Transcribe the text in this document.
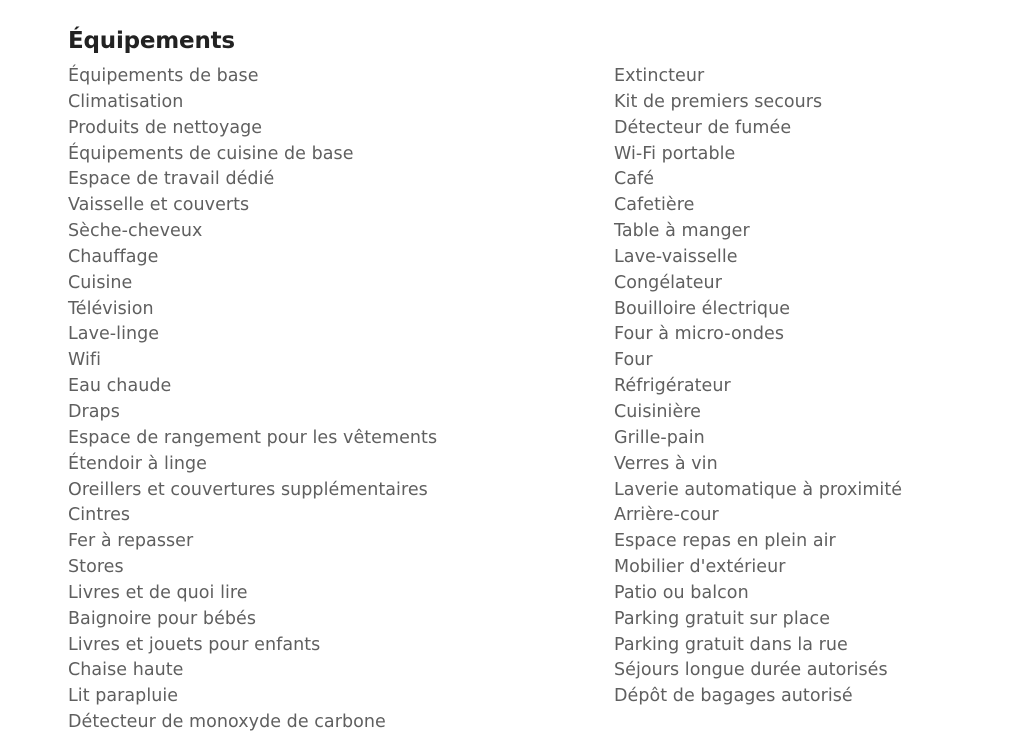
Équipements
Équipements de base
Climatisation
Produits de nettoyage
Équipements de cuisine de base
Espace de travail dédié
Vaisselle et couverts
Sèche-cheveux
Chauffage
Cuisine
Télévision
Lave-linge
Wifi
Eau chaude
Draps
Espace de rangement pour les vêtements
Étendoir à linge
Oreillers et couvertures supplémentaires
Cintres
Fer à repasser
Stores
Livres et de quoi lire
Baignoire pour bébés
Livres et jouets pour enfants
Chaise haute
Lit parapluie
Détecteur de monoxyde de carbone
Extincteur
Kit de premiers secours
Détecteur de fumée
Wi-Fi portable
Café
Cafetière
Table à manger
Lave-vaisselle
Congélateur
Bouilloire électrique
Four à micro-ondes
Four
Réfrigérateur
Cuisinière
Grille-pain
Verres à vin
Laverie automatique à proximité
Arrière-cour
Espace repas en plein air
Mobilier d'extérieur
Patio ou balcon
Parking gratuit sur place
Parking gratuit dans la rue
Séjours longue durée autorisés
Dépôt de bagages autorisé
